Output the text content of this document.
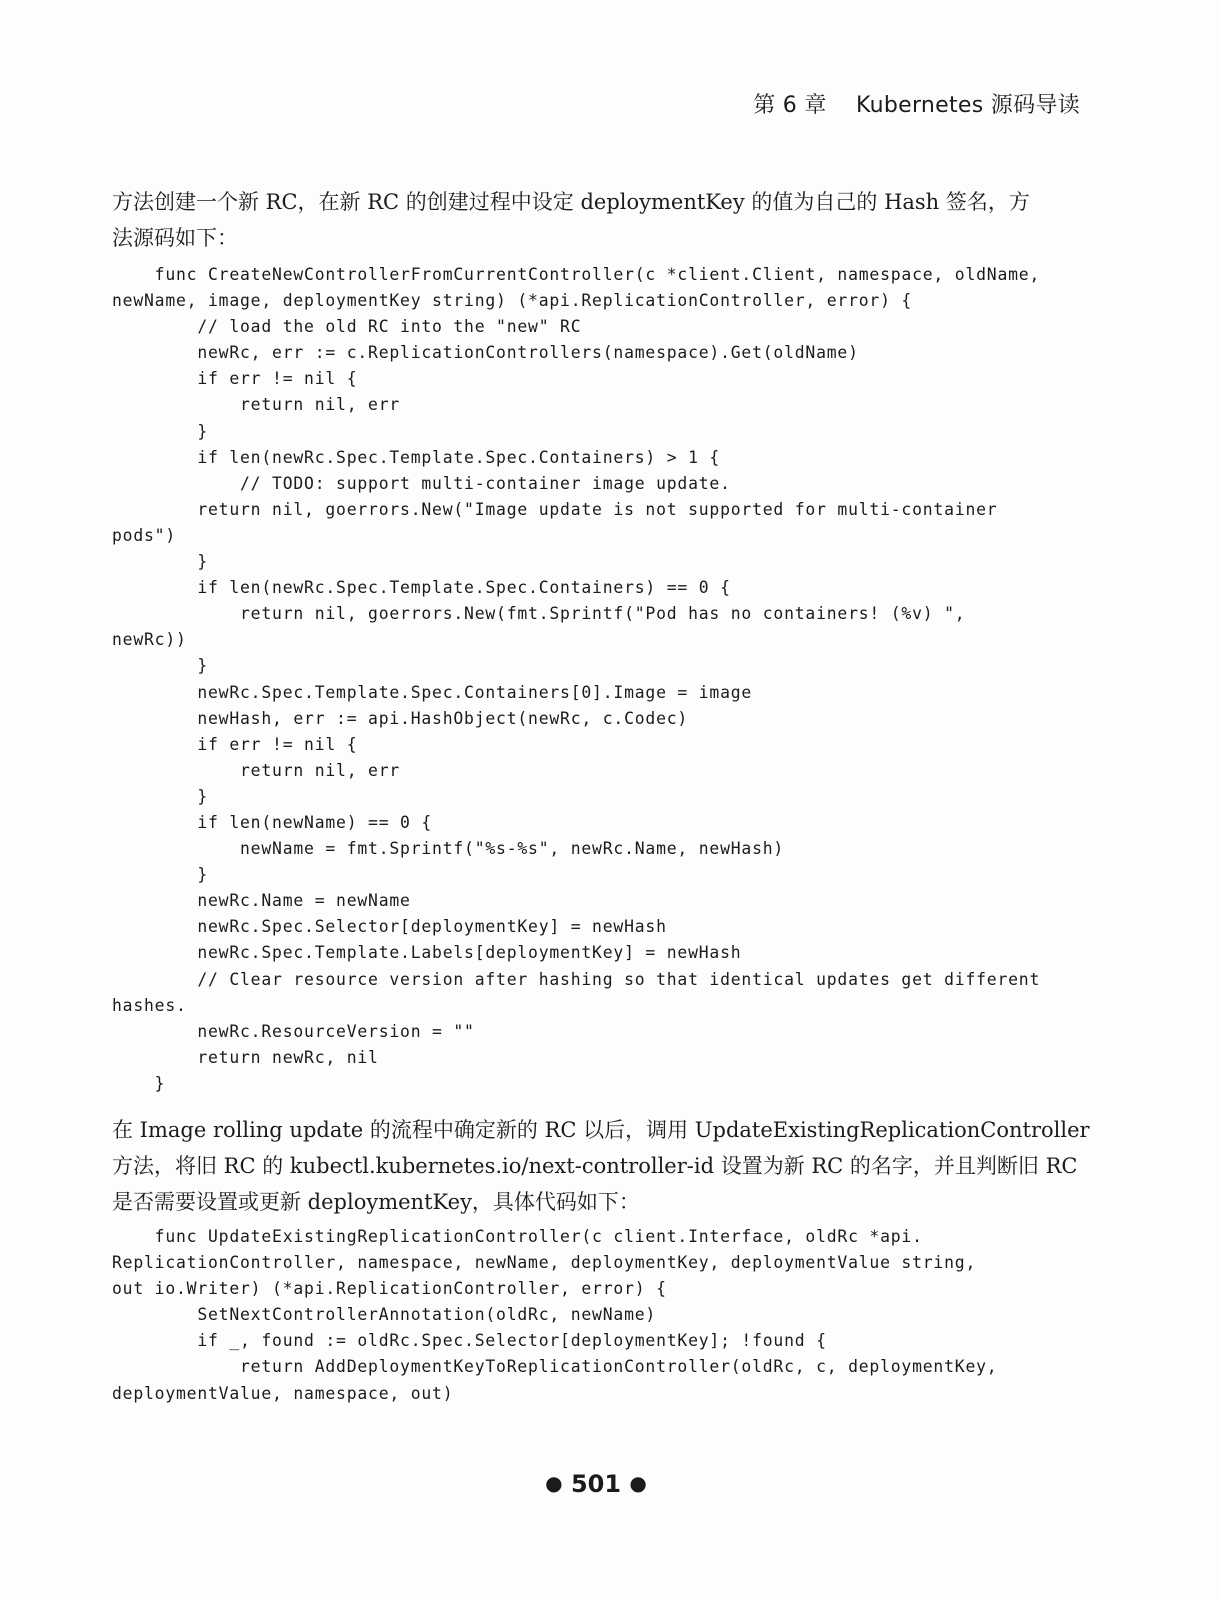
第 6 章 Kubernetes 源码导读
方法创建一个新 RC，在新 RC 的创建过程中设定 deploymentKey 的值为自己的 Hash 签名，方
法源码如下：
func CreateNewControllerFromCurrentController(c *client.Client, namespace, oldName,
newName, image, deploymentKey string) (*api.ReplicationController, error) {
// load the old RC into the "new" RC
newRc, err := c.ReplicationControllers(namespace).Get(oldName)
if err != nil {
return nil, err
}
if len(newRc.Spec.Template.Spec.Containers) > 1 {
// TODO: support multi-container image update.
return nil, goerrors.New("Image update is not supported for multi-container
pods")
}
if len(newRc.Spec.Template.Spec.Containers) == 0 {
return nil, goerrors.New(fmt.Sprintf("Pod has no containers! (%v) ",
newRc))
}
newRc.Spec.Template.Spec.Containers[0].Image = image
newHash, err := api.HashObject(newRc, c.Codec)
if err != nil {
return nil, err
}
if len(newName) == 0 {
newName = fmt.Sprintf("%s-%s", newRc.Name, newHash)
}
newRc.Name = newName
newRc.Spec.Selector[deploymentKey] = newHash
newRc.Spec.Template.Labels[deploymentKey] = newHash
// Clear resource version after hashing so that identical updates get different
hashes.
newRc.ResourceVersion = ""
return newRc, nil
}
在 Image rolling update 的流程中确定新的 RC 以后，调用 UpdateExistingReplicationController
方法，将旧 RC 的 kubectl.kubernetes.io/next-controller-id 设置为新 RC 的名字，并且判断旧 RC
是否需要设置或更新 deploymentKey，具体代码如下：
func UpdateExistingReplicationController(c client.Interface, oldRc *api.
ReplicationController, namespace, newName, deploymentKey, deploymentValue string,
out io.Writer) (*api.ReplicationController, error) {
SetNextControllerAnnotation(oldRc, newName)
if _, found := oldRc.Spec.Selector[deploymentKey]; !found {
return AddDeploymentKeyToReplicationController(oldRc, c, deploymentKey,
deploymentValue, namespace, out)
● 501 ●
